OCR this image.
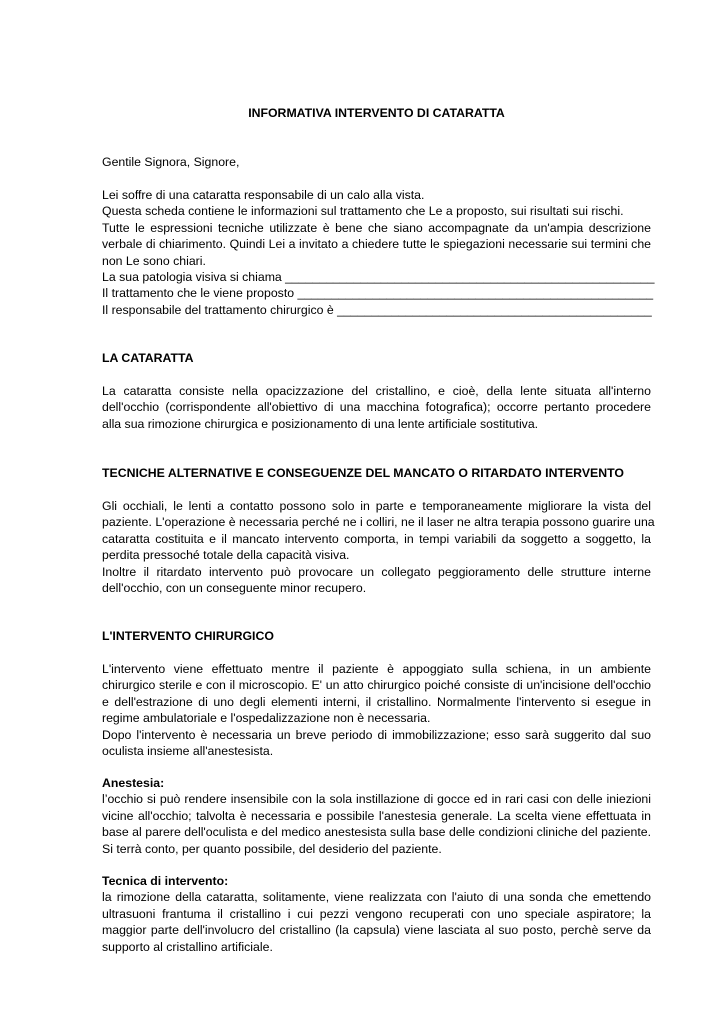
INFORMATIVA INTERVENTO DI CATARATTA
Gentile Signora, Signore,
Lei soffre di una cataratta responsabile di un calo alla vista.
Questa scheda contiene le informazioni sul trattamento che Le a proposto, sui risultati sui rischi.
Tutte le espressioni tecniche utilizzate è bene che siano accompagnate da un'ampia descrizione
verbale di chiarimento. Quindi Lei a invitato a chiedere tutte le spiegazioni necessarie sui termini che
non Le sono chiari.
La sua patologia visiva si chiama ______________________________________________________
Il trattamento che le viene proposto ____________________________________________________
Il responsabile del trattamento chirurgico è ______________________________________________
LA CATARATTA
La cataratta consiste nella opacizzazione del cristallino, e cioè, della lente situata all'interno
dell'occhio (corrispondente all'obiettivo di una macchina fotografica); occorre pertanto procedere
alla sua rimozione chirurgica e posizionamento di una lente artificiale sostitutiva.
TECNICHE ALTERNATIVE E CONSEGUENZE DEL MANCATO O RITARDATO INTERVENTO
Gli occhiali, le lenti a contatto possono solo in parte e temporaneamente migliorare la vista del
paziente. L'operazione è necessaria perché ne i colliri, ne il laser ne altra terapia possono guarire una
cataratta costituita e il mancato intervento comporta, in tempi variabili da soggetto a soggetto, la
perdita pressoché totale della capacità visiva.
Inoltre il ritardato intervento può provocare un collegato peggioramento delle strutture interne
dell'occhio, con un conseguente minor recupero.
L'INTERVENTO CHIRURGICO
L'intervento viene effettuato mentre il paziente è appoggiato sulla schiena, in un ambiente
chirurgico sterile e con il microscopio. E' un atto chirurgico poiché consiste di un'incisione dell'occhio
e dell'estrazione di uno degli elementi interni, il cristallino. Normalmente l'intervento si esegue in
regime ambulatoriale e l'ospedalizzazione non è necessaria.
Dopo l'intervento è necessaria un breve periodo di immobilizzazione; esso sarà suggerito dal suo
oculista insieme all'anestesista.
Anestesia:
l’occhio si può rendere insensibile con la sola instillazione di gocce ed in rari casi con delle iniezioni
vicine all'occhio; talvolta è necessaria e possibile l'anestesia generale. La scelta viene effettuata in
base al parere dell'oculista e del medico anestesista sulla base delle condizioni cliniche del paziente.
Si terrà conto, per quanto possibile, del desiderio del paziente.
Tecnica di intervento:
la rimozione della cataratta, solitamente, viene realizzata con l'aiuto di una sonda che emettendo
ultrasuoni frantuma il cristallino i cui pezzi vengono recuperati con uno speciale aspiratore; la
maggior parte dell'involucro del cristallino (la capsula) viene lasciata al suo posto, perchè serve da
supporto al cristallino artificiale.
